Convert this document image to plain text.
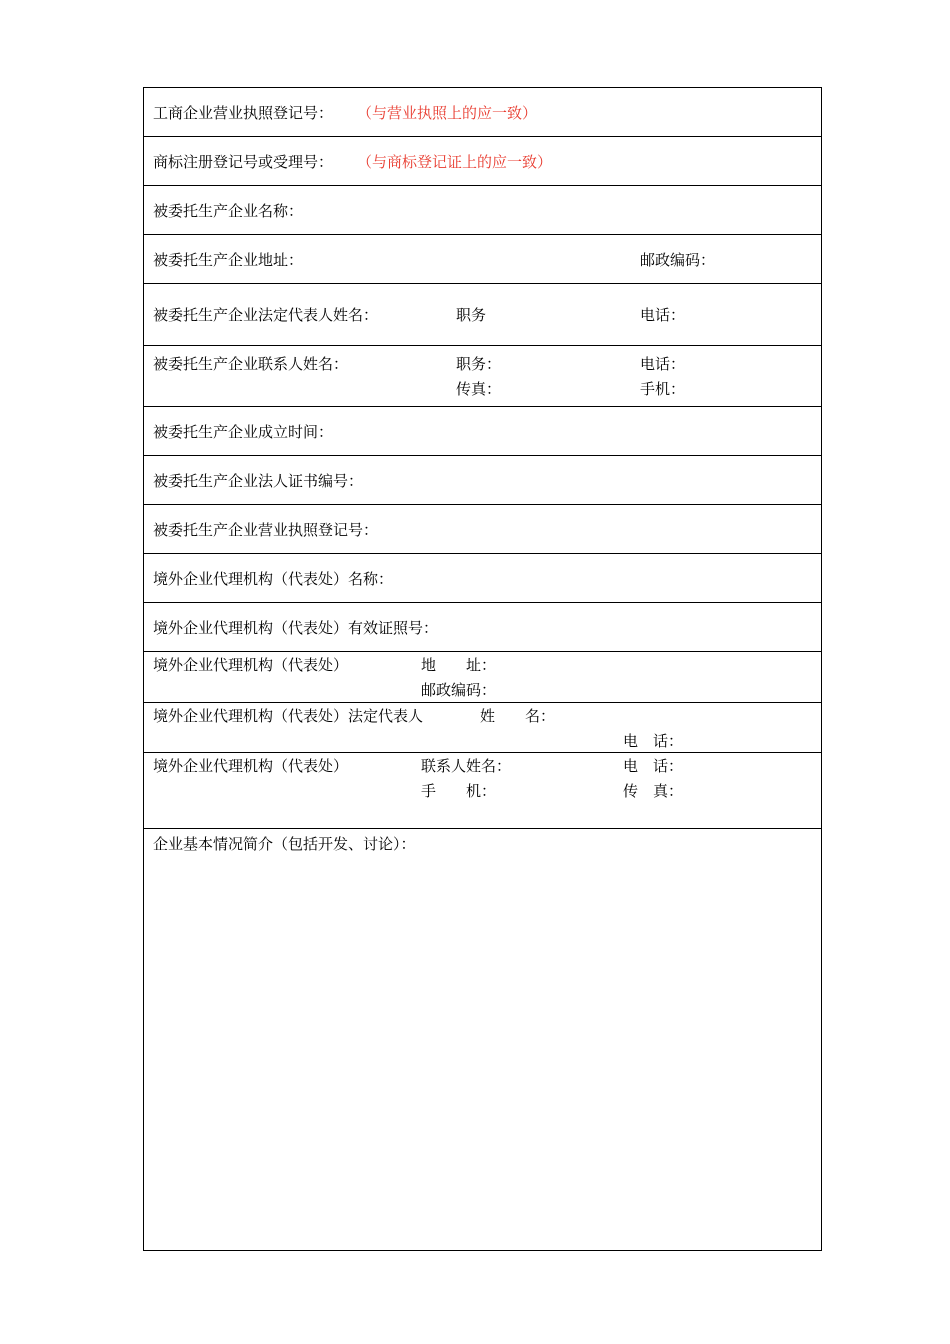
工商企业营业执照登记号： （与营业执照上的应一致）
商标注册登记号或受理号： （与商标登记证上的应一致）
被委托生产企业名称：
被委托生产企业地址：	邮政编码：
被委托生产企业法定代表人姓名：	职务	电话：
被委托生产企业联系人姓名：	职务：	电话：
传真：	手机：
被委托生产企业成立时间：
被委托生产企业法人证书编号：
被委托生产企业营业执照登记号：
境外企业代理机构（代表处）名称：
境外企业代理机构（代表处）有效证照号：
境外企业代理机构（代表处）	地　　址：
邮政编码：
境外企业代理机构（代表处）法定代表人	姓　　名：
电　话：
境外企业代理机构（代表处）	联系人姓名：	电　话：
手　　机：	传　真：
企业基本情况简介（包括开发、讨论）：
